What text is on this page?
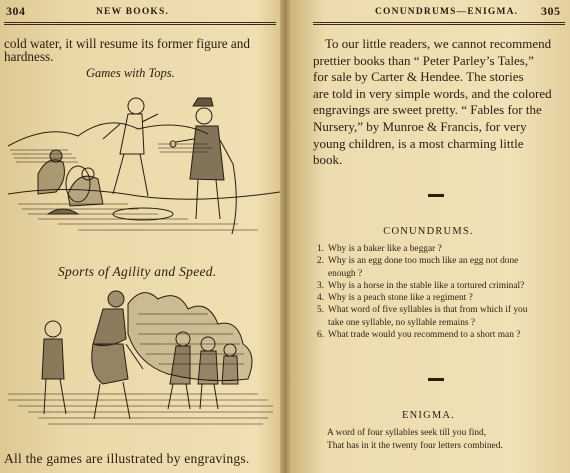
304	NEW BOOKS.
cold water, it will resume its former figure and
hardness.
Games with Tops.
Sports of Agility and Speed.
All the games are illustrated by engravings.
CONUNDRUMS—ENIGMA. 305
To our little readers, we cannot recommend
prettier books than “ Peter Parley’s Tales,”
for sale by Carter & Hendee. The stories
are told in very simple words, and the colored
engravings are sweet pretty. “ Fables for the
Nursery,” by Munroe & Francis, for very
young children, is a most charming little
book.
CONUNDRUMS.
1. Why is a baker like a beggar ?
2. Why is an egg done too much like an egg not done
enough ?
3. Why is a horse in the stable like a tortured criminal?
4. Why is a peach stone like a regiment ?
5. What word of five syllables is that from which if you
take one syllable, no syllable remains ?
6. What trade would you recommend to a short man ?
ENIGMA.
A word of four syllables seek till you find,
That has in it the twenty four letters combined.
